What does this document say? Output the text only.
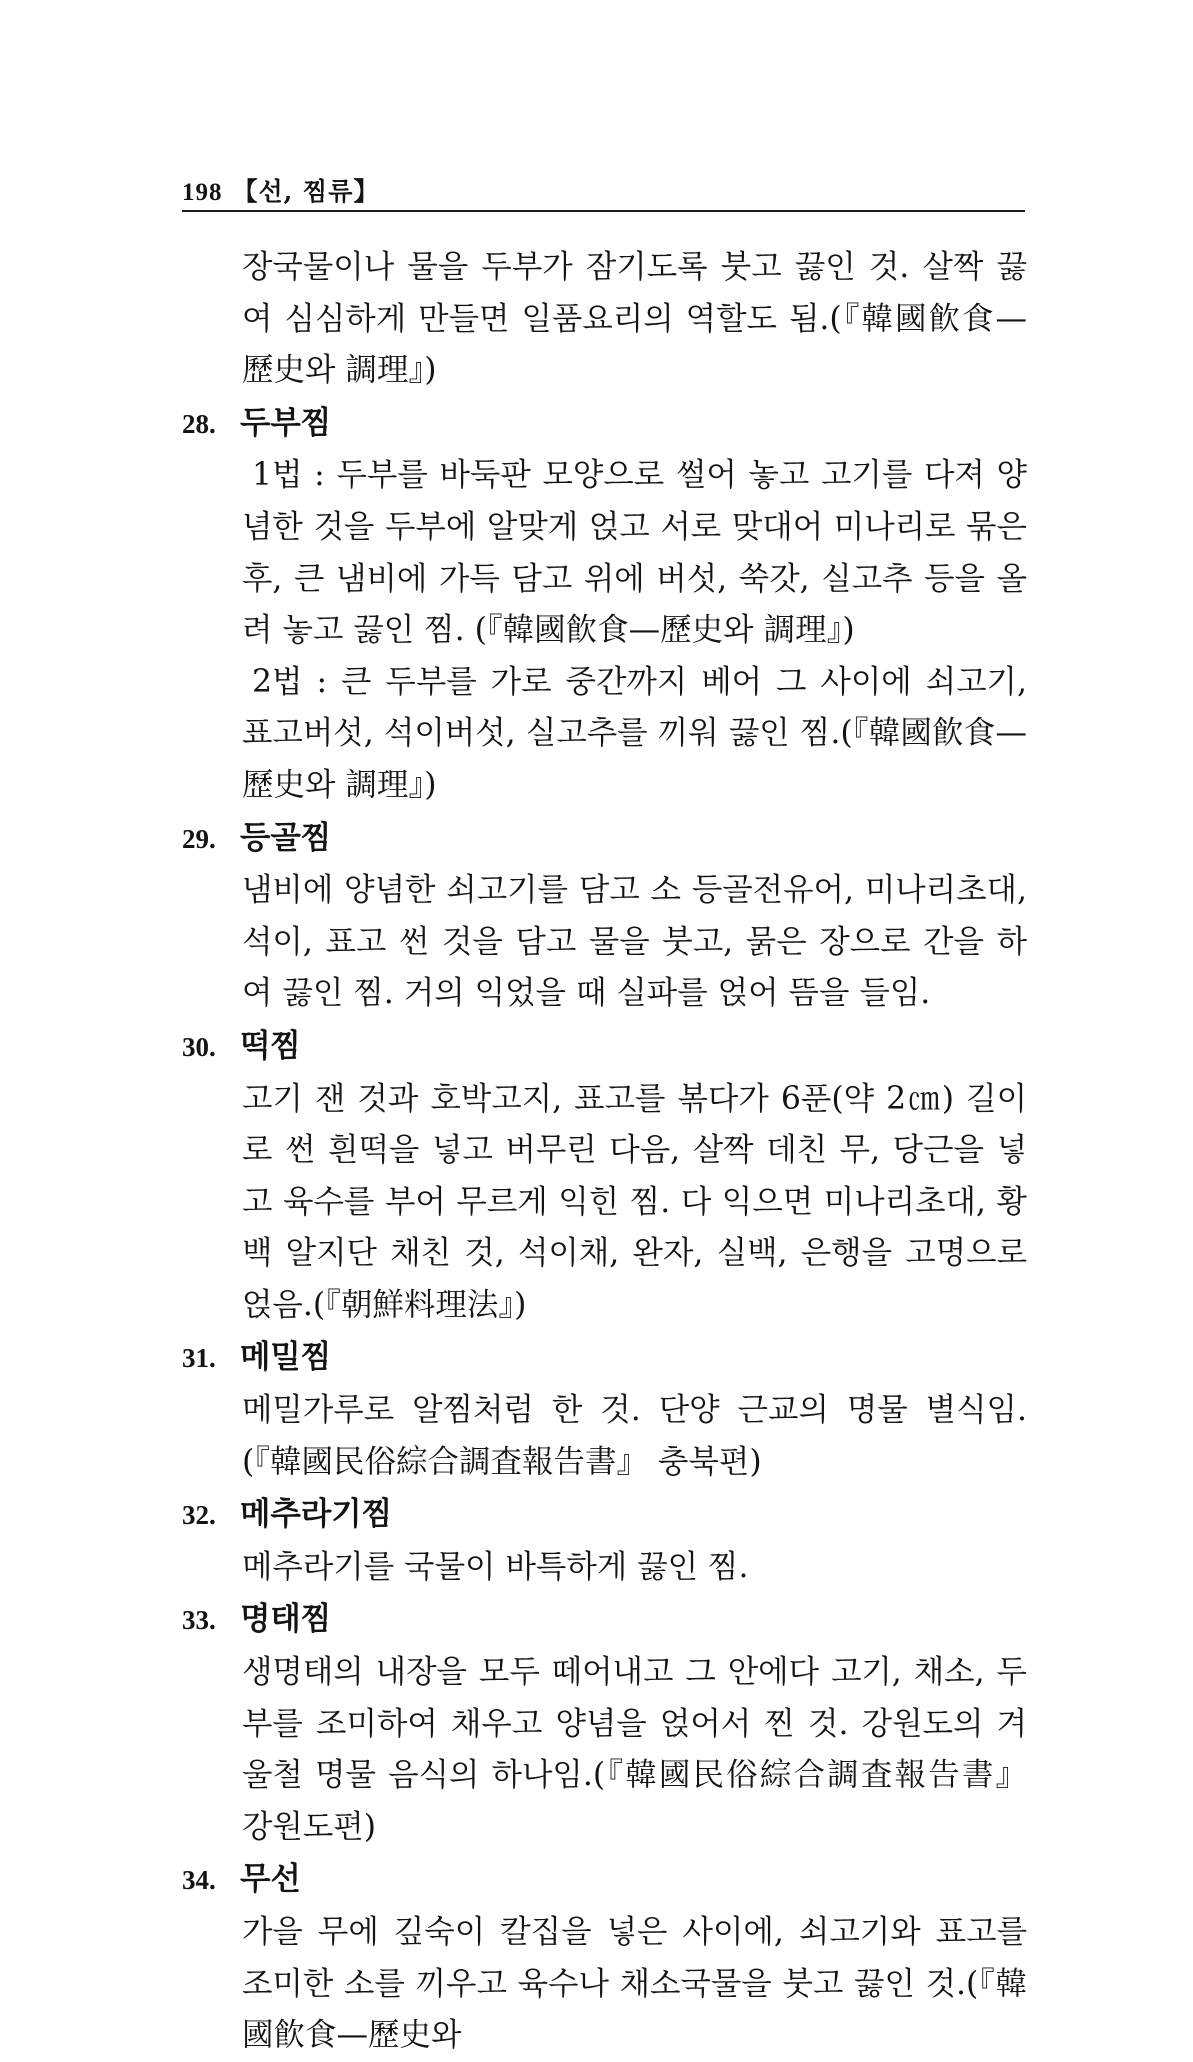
198 【선, 찜류】
장국물이나 물을 두부가 잠기도록 붓고 끓인 것. 살짝 끓여 심심하게 만들면 일품요리의 역할도 됨.(『韓國飮食—歷史와 調理』)
28. 두부찜
1법 : 두부를 바둑판 모양으로 썰어 놓고 고기를 다져 양념한 것을 두부에 알맞게 얹고 서로 맞대어 미나리로 묶은 후, 큰 냄비에 가득 담고 위에 버섯, 쑥갓, 실고추 등을 올려 놓고 끓인 찜. (『韓國飮食—歷史와 調理』)
2법 : 큰 두부를 가로 중간까지 베어 그 사이에 쇠고기, 표고버섯, 석이버섯, 실고추를 끼워 끓인 찜.(『韓國飮食—歷史와 調理』)
29. 등골찜
냄비에 양념한 쇠고기를 담고 소 등골전유어, 미나리초대, 석이, 표고 썬 것을 담고 물을 붓고, 묽은 장으로 간을 하여 끓인 찜. 거의 익었을 때 실파를 얹어 뜸을 들임.
30. 떡찜
고기 잰 것과 호박고지, 표고를 볶다가 6푼(약 2㎝) 길이로 썬 흰떡을 넣고 버무린 다음, 살짝 데친 무, 당근을 넣고 육수를 부어 무르게 익힌 찜. 다 익으면 미나리초대, 황백 알지단 채친 것, 석이채, 완자, 실백, 은행을 고명으로 얹음.(『朝鮮料理法』)
31. 메밀찜
메밀가루로 알찜처럼 한 것. 단양 근교의 명물 별식임.(『韓國民俗綜合調査報告書』 충북편)
32. 메추라기찜
메추라기를 국물이 바특하게 끓인 찜.
33. 명태찜
생명태의 내장을 모두 떼어내고 그 안에다 고기, 채소, 두부를 조미하여 채우고 양념을 얹어서 찐 것. 강원도의 겨울철 명물 음식의 하나임.(『韓國民俗綜合調査報告書』 강원도편)
34. 무선
가을 무에 깊숙이 칼집을 넣은 사이에, 쇠고기와 표고를 조미한 소를 끼우고 육수나 채소국물을 붓고 끓인 것.(『韓國飮食—歷史와
